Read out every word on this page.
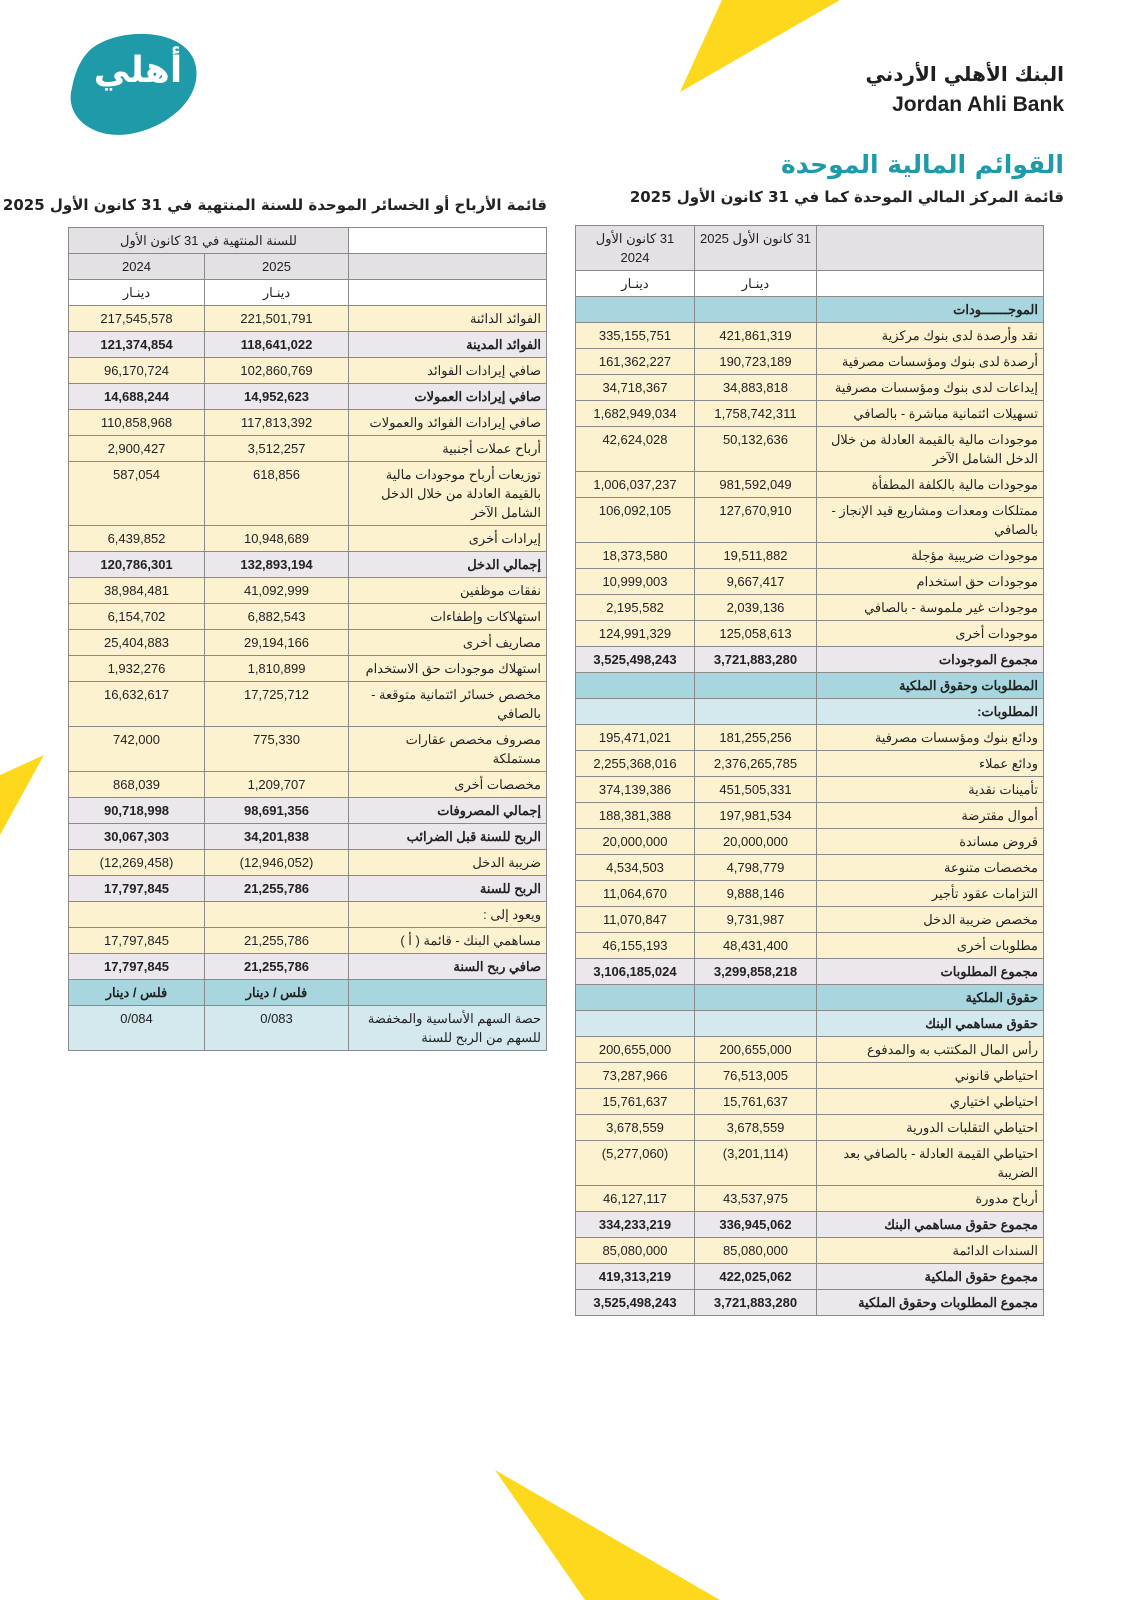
أهلي	البنك الأهلي الأردني
Jordan Ahli Bank
القوائم المالية الموحدة
قائمة المركز المالي الموحدة كما في 31 كانون الأول 2025
قائمة الأرباح أو الخسائر الموحدة للسنة المنتهية في 31 كانون الأول 2025
	31 كانون الأول 2025	31 كانون الأول 2024
	دينـار	دينـار
الموجـــــــودات		
نقد وأرصدة لدى بنوك مركزية	421,861,319	335,155,751
أرصدة لدى بنوك ومؤسسات مصرفية	190,723,189	161,362,227
إيداعات لدى بنوك ومؤسسات مصرفية	34,883,818	34,718,367
تسهيلات ائتمانية مباشرة - بالصافي	1,758,742,311	1,682,949,034
موجودات مالية بالقيمة العادلة من خلال الدخل الشامل الآخر	50,132,636	42,624,028
موجودات مالية بالكلفة المطفأة	981,592,049	1,006,037,237
ممتلكات ومعدات ومشاريع قيد الإنجاز - بالصافي	127,670,910	106,092,105
موجودات ضريبية مؤجلة	19,511,882	18,373,580
موجودات حق استخدام	9,667,417	10,999,003
موجودات غير ملموسة - بالصافي	2,039,136	2,195,582
موجودات أخرى	125,058,613	124,991,329
مجموع الموجودات	3,721,883,280	3,525,498,243
المطلوبات وحقوق الملكية		
المطلوبات:		
ودائع بنوك ومؤسسات مصرفية	181,255,256	195,471,021
ودائع عملاء	2,376,265,785	2,255,368,016
تأمينات نقدية	451,505,331	374,139,386
أموال مقترضة	197,981,534	188,381,388
قروض مساندة	20,000,000	20,000,000
مخصصات متنوعة	4,798,779	4,534,503
التزامات عقود تأجير	9,888,146	11,064,670
مخصص ضريبة الدخل	9,731,987	11,070,847
مطلوبات أخرى	48,431,400	46,155,193
مجموع المطلوبات	3,299,858,218	3,106,185,024
حقوق الملكية		
حقوق مساهمي البنك		
رأس المال المكتتب به والمدفوع	200,655,000	200,655,000
احتياطي قانوني	76,513,005	73,287,966
احتياطي اختياري	15,761,637	15,761,637
احتياطي التقلبات الدورية	3,678,559	3,678,559
احتياطي القيمة العادلة - بالصافي بعد الضريبة	(3,201,114)	(5,277,060)
أرباح مدورة	43,537,975	46,127,117
مجموع حقوق مساهمي البنك	336,945,062	334,233,219
السندات الدائمة	85,080,000	85,080,000
مجموع حقوق الملكية	422,025,062	419,313,219
مجموع المطلوبات وحقوق الملكية	3,721,883,280	3,525,498,243
	للسنة المنتهية في 31 كانون الأول	
	2025	2024
	دينـار	دينـار
الفوائد الدائنة	221,501,791	217,545,578
الفوائد المدينة	118,641,022	121,374,854
صافي إيرادات الفوائد	102,860,769	96,170,724
صافي إيرادات العمولات	14,952,623	14,688,244
صافي إيرادات الفوائد والعمولات	117,813,392	110,858,968
أرباح عملات أجنبية	3,512,257	2,900,427
توزيعات أرباح موجودات مالية بالقيمة العادلة من خلال الدخل الشامل الآخر	618,856	587,054
إيرادات أخرى	10,948,689	6,439,852
إجمالي الدخل	132,893,194	120,786,301
نفقات موظفين	41,092,999	38,984,481
استهلاكات وإطفاءات	6,882,543	6,154,702
مصاريف أخرى	29,194,166	25,404,883
استهلاك موجودات حق الاستخدام	1,810,899	1,932,276
مخصص خسائر ائتمانية متوقعة - بالصافي	17,725,712	16,632,617
مصروف مخصص عقارات مستملكة	775,330	742,000
مخصصات أخرى	1,209,707	868,039
إجمالي المصروفات	98,691,356	90,718,998
الربح للسنة قبل الضرائب	34,201,838	30,067,303
ضريبة الدخل	(12,946,052)	(12,269,458)
الربح للسنة	21,255,786	17,797,845
ويعود إلى :		
مساهمي البنك - قائمة ( أ )	21,255,786	17,797,845
صافي ربح السنة	21,255,786	17,797,845
	فلس / دينار	فلس / دينار
حصة السهم الأساسية والمخفضة للسهم من الربح للسنة	0/083	0/084
